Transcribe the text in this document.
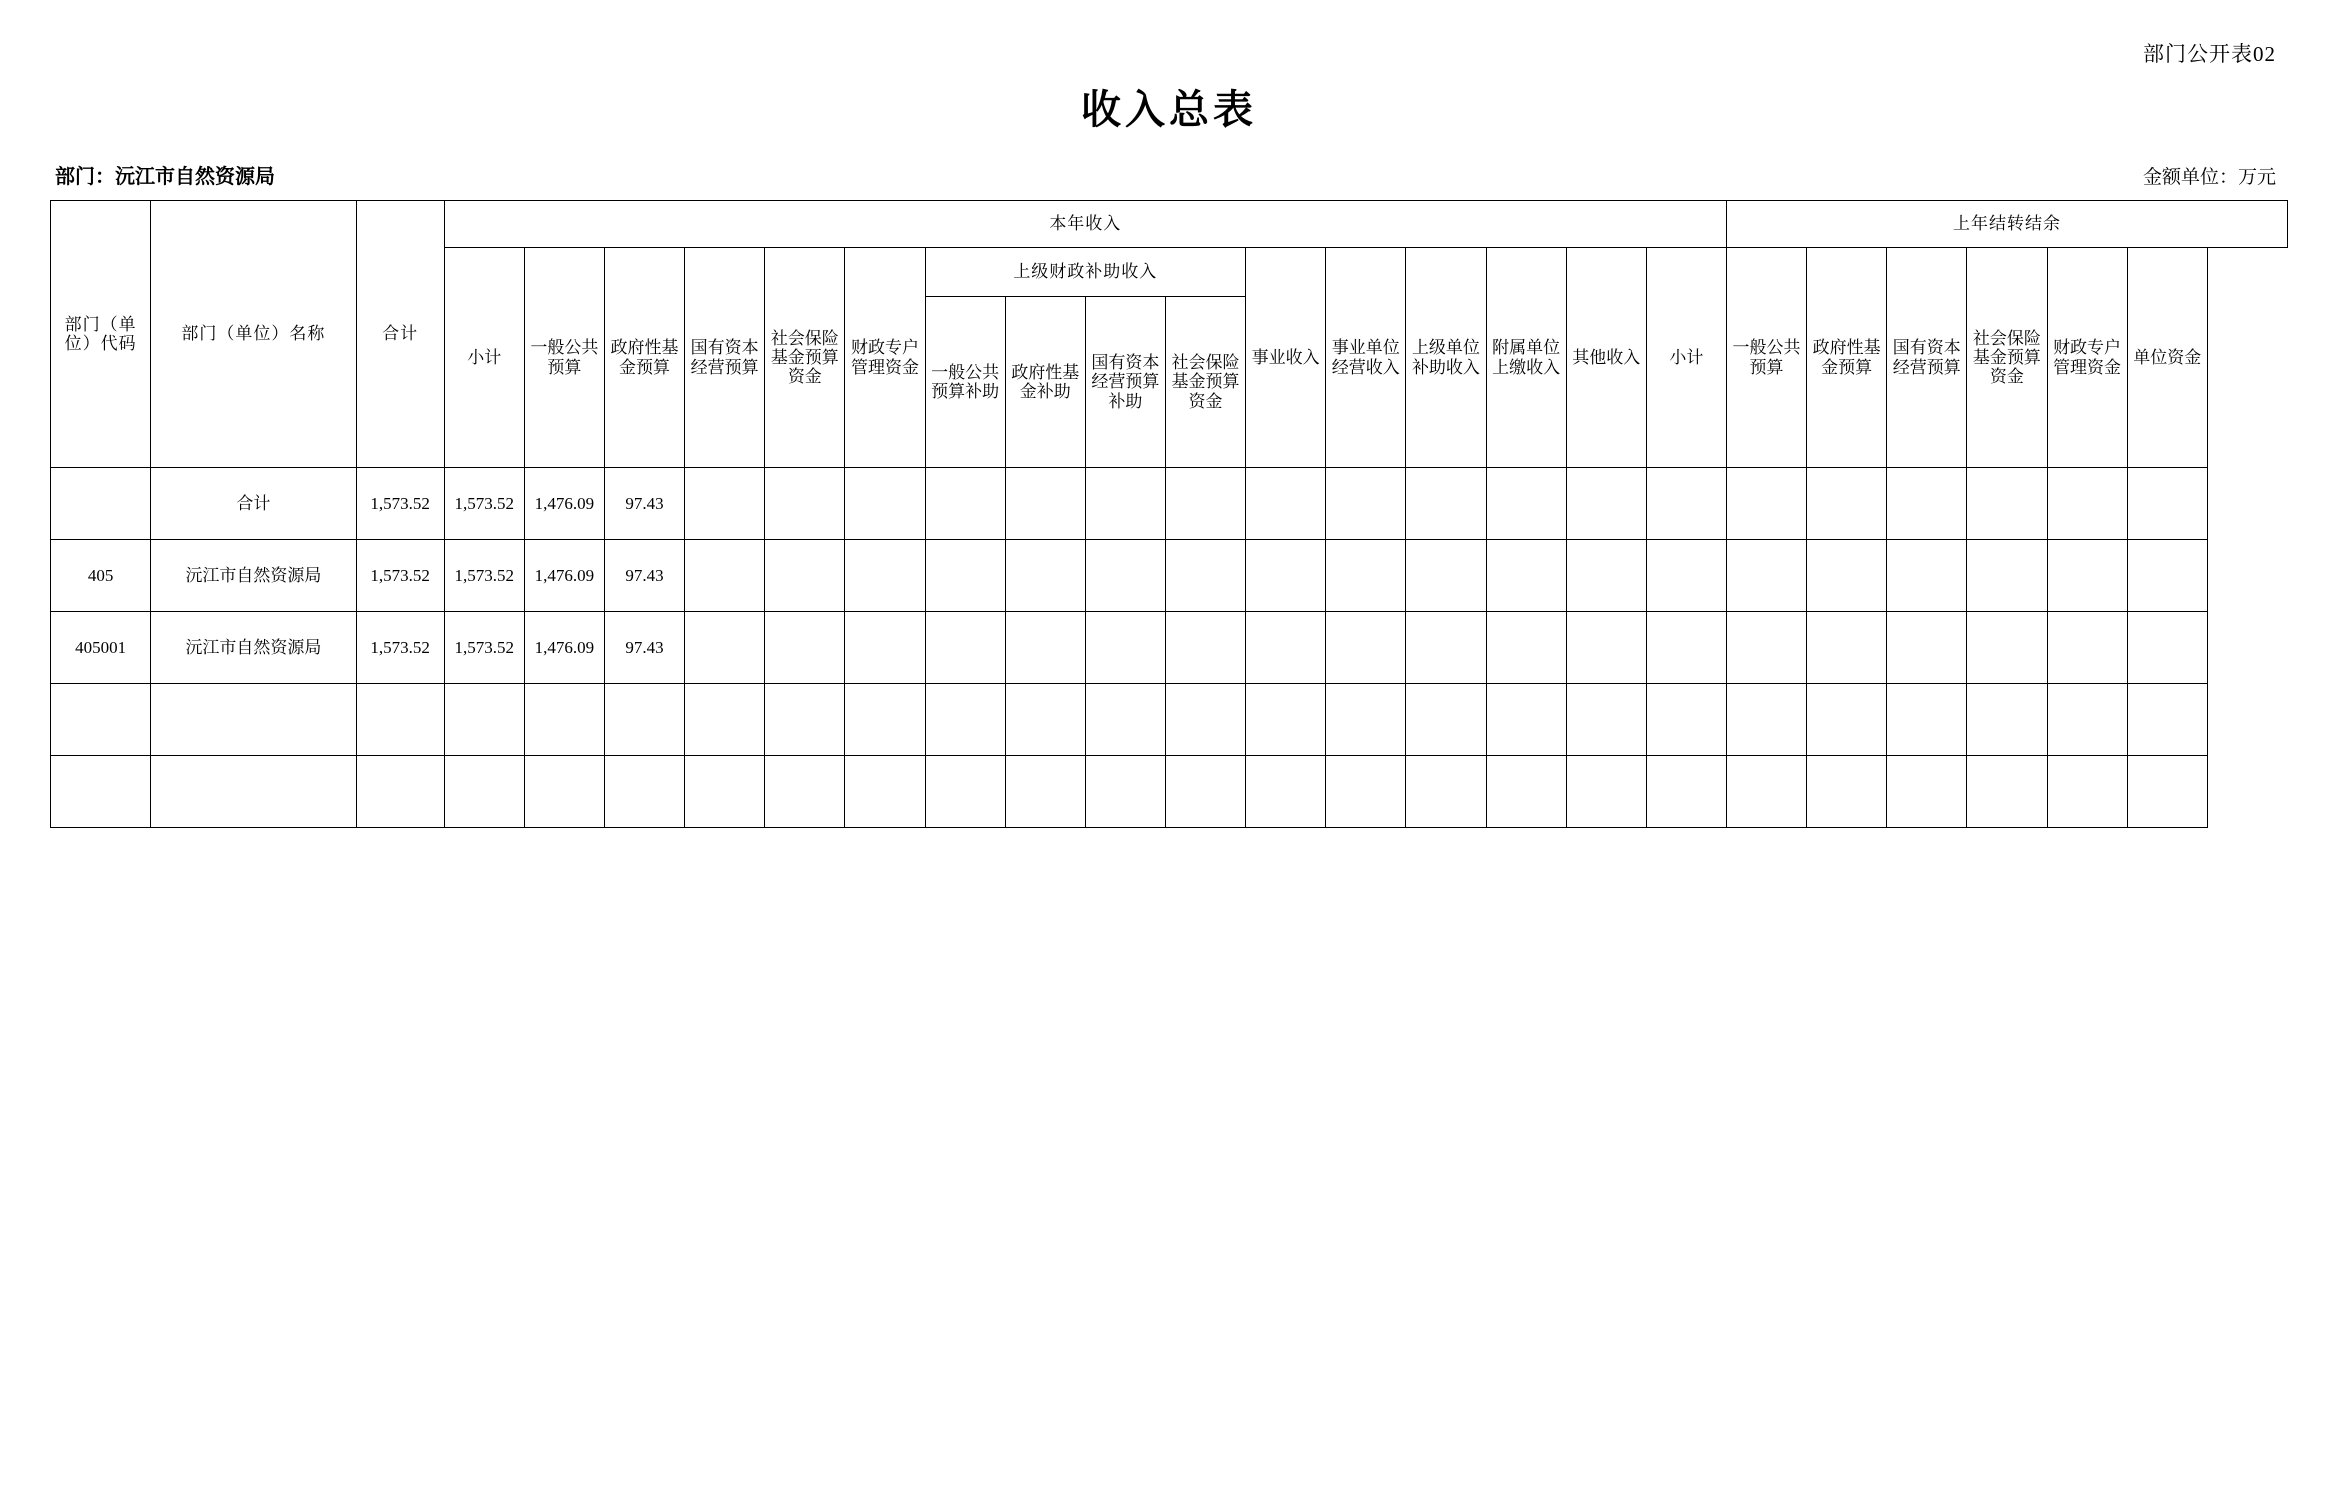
部门公开表02
收入总表
部门：沅江市自然资源局	金额单位：万元
部门（单位）代码	部门（单位）名称	合计	本年收入																上年结转结余					
			小计	一般公共预算	政府性基金预算	国有资本经营预算	社会保险基金预算资金	财政专户管理资金	上级财政补助收入				事业收入	事业单位经营收入	上级单位补助收入	附属单位上缴收入	其他收入	小计	一般公共预算	政府性基金预算	国有资本经营预算	社会保险基金预算资金	财政专户管理资金	单位资金
									一般公共预算补助	政府性基金补助	国有资本经营预算补助	社会保险基金预算资金												

	合计	1,573.52	1,573.52	1,476.09	97.43																			
405	沅江市自然资源局	1,573.52	1,573.52	1,476.09	97.43																			
405001	沅江市自然资源局	1,573.52	1,573.52	1,476.09	97.43																			
